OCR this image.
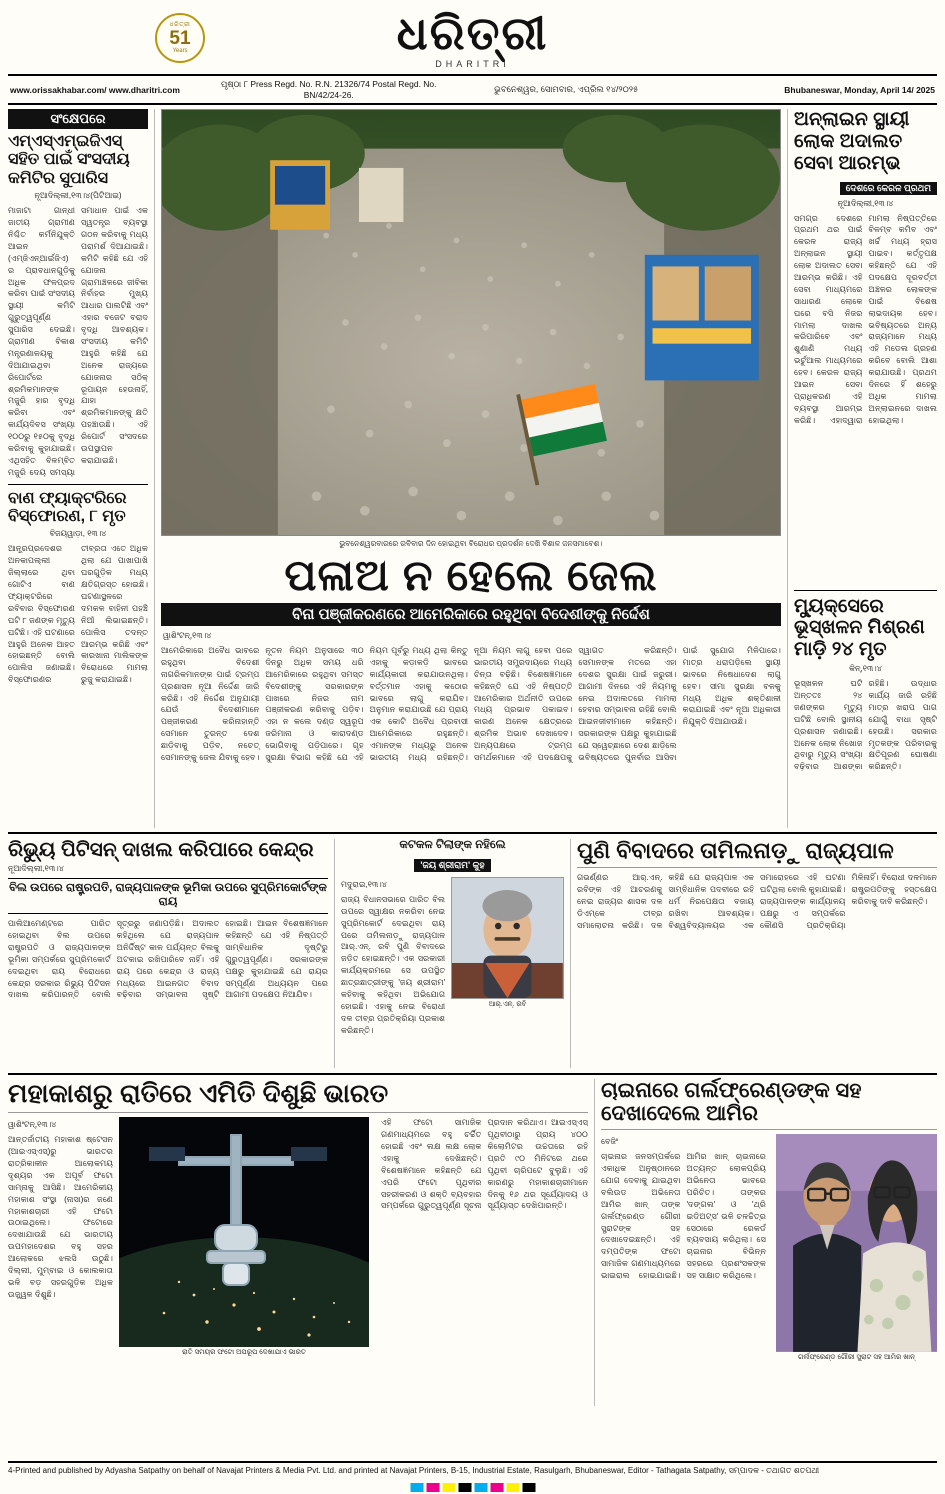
ଧରିତ୍ରୀ
51
Years	ଧରିତ୍ରୀ
DHARITRI
www.orissakhabar.com/ www.dharitri.com
ପୃଷ୍ଠା ୮ Press Regd. No. R.N. 21326/74 Postal Regd. No. BN/42/24-26.
ଭୁବନେଶ୍ୱର, ସୋମବାର, ଏପ୍ରିଲ ୧୪/୨୦୨୫	Bhubaneswar, Monday, April 14/ 2025
ସଂକ୍ଷେପରେ
ଏମ୍ଏସ୍ଏମ୍ଇଜିଏସ୍ ସହିତ ପାଇଁ ସଂସଦୀୟ କମିଟିର ସୁପାରିସ
ନୂଆଦିଲ୍ଲୀ,୧୩।୪(ପିଟିଆଇ)
ମାଜାଟା ଗାନ୍ଧୀ ଜାତୀୟ ଗ୍ରାମୀଣ ନିଶ୍ଚିତ କର୍ମନିଯୁକ୍ତି ଆଇନ (ଏମ୍ଜିଏନ୍ଆର୍ଇଜିଏ) ର ପ୍ରାବଧାନଗୁଡ଼ିକୁ ଅଧିକ ଫଳପ୍ରଦ କରିବା ପାଇଁ ସଂସଦୀୟ ସ୍ଥାୟୀ କମିଟି ଗୁରୁତ୍ୱପୂର୍ଣ୍ଣ ସୁପାରିସ ଦେଇଛି। ଗ୍ରାମୀଣ ବିକାଶ ମନ୍ତ୍ରଣାଳୟକୁ ଦିଆଯାଇଥିବା ରିପୋର୍ଟରେ ଶ୍ରମିକମାନଙ୍କ ମଜୁରି ହାର ବୃଦ୍ଧି କରିବା ଏବଂ କାର୍ଯ୍ୟଦିବସ ସଂଖ୍ୟା ୧୦୦ରୁ ୧୫୦କୁ ବୃଦ୍ଧି କରିବାକୁ କୁହାଯାଇଛି। ଏଥିସହିତ ବିଳମ୍ବିତ ମଜୁରି ଦେୟ ସମସ୍ୟା ସମାଧାନ ପାଇଁ ଏକ ସ୍ୱତନ୍ତ୍ର ବ୍ୟବସ୍ଥା ଗଠନ କରିବାକୁ ମଧ୍ୟ ପରାମର୍ଶ ଦିଆଯାଇଛି। କମିଟି କହିଛି ଯେ ଏହି ଯୋଜନା ଗ୍ରାମାଞ୍ଚଳରେ ଜୀବିକା ନିର୍ବାହର ମୁଖ୍ୟ ଆଧାର ପାଲଟିଛି ଏବଂ ଏହାର ବଜେଟ ବରାଦ ବୃଦ୍ଧି ଆବଶ୍ୟକ। ସଂସଦୀୟ କମିଟି ଆହୁରି କହିଛି ଯେ ଅନେକ ରାଜ୍ୟରେ ଯୋଜନାର ସଠିକ୍ ରୂପାୟନ ହେଉନାହିଁ, ଯାହା ଶ୍ରମିକମାନଙ୍କୁ କ୍ଷତି ପହଞ୍ଚାଉଛି। ଏହି ରିପୋର୍ଟ ସଂସଦରେ ଉପସ୍ଥାପନ କରାଯାଇଛି।
ବାଣ ଫ୍ୟାକ୍ଟରିରେ ବିସ୍ଫୋରଣ, ୮ ମୃତ
ବିଜୟୱାଡ଼ା, ୧୩।୪
ଆନ୍ଧ୍ରପ୍ରଦେଶର ଅନକାପଲ୍ଲୀ ଜିଲ୍ଲାରେ ଥିବା ଗୋଟିଏ ବାଣ ଫ୍ୟାକ୍ଟରିରେ ରବିବାର ବିସ୍ଫୋରଣ ଘଟି ୮ ଜଣଙ୍କ ମୃତ୍ୟୁ ଘଟିଛି। ଏହି ଘଟଣାରେ ଆହୁରି ଅନେକ ଆହତ ହୋଇଛନ୍ତି ବୋଲି ପୋଲିସ ଜଣାଇଛି। ବିସ୍ଫୋରଣର ତୀବ୍ରତା ଏତେ ଅଧିକ ଥିଲା ଯେ ପାଖାପାଖି ଘରଗୁଡ଼ିକ ମଧ୍ୟ କ୍ଷତିଗ୍ରସ୍ତ ହୋଇଛି। ଘଟଣାସ୍ଥଳରେ ଦମକଳ ବାହିନୀ ପହଞ୍ଚି ନିଆଁ ଲିଭାଇଛନ୍ତି। ପୋଲିସ ତଦନ୍ତ ଆରମ୍ଭ କରିଛି ଏବଂ କାରଖାନା ମାଲିକଙ୍କ ବିରୋଧରେ ମାମଲା ରୁଜୁ କରାଯାଇଛି।
ଭୁବନେଶ୍ୱରବାରରେ ରବିବାର ଦିନ ହୋଇଥିବା ବିରୋଧର ପ୍ରଦର୍ଶନ ଦେଖି ବିଶାଳ ଜନସମାବେଶ।
ପଳାଅ ନ ହେଲେ ଜେଲ
ବିନା ପଞ୍ଜୀକରଣରେ ଆମେରିକାରେ ରହୁଥିବା ବିଦେଶୀଙ୍କୁ ନିର୍ଦ୍ଦେଶ
ୱାଶିଂଟନ୍,୧୩।୪
ଆମେରିକାରେ ଅବୈଧ ଭାବରେ ରହୁଥିବା ବିଦେଶୀ ନାଗରିକମାନଙ୍କ ପାଇଁ ଟ୍ରମ୍ପ ପ୍ରଶାସନ ନୂଆ ନିର୍ଦ୍ଦେଶ ଜାରି କରିଛି। ଏହି ନିର୍ଦ୍ଦେଶ ଅନୁଯାୟୀ ଯେଉଁ ବିଦେଶୀମାନେ ପଞ୍ଜୀକରଣ କରିନାହାନ୍ତି ସେମାନେ ତୁରନ୍ତ ଦେଶ ଛାଡ଼ିବାକୁ ପଡ଼ିବ, ନଚେତ୍ ସେମାନଙ୍କୁ ଜେଲ ଯିବାକୁ ହେବ। ନୂତନ ନିୟମ ଅନୁସାରେ ୩୦ ଦିନରୁ ଅଧିକ ସମୟ ଧରି ଆମେରିକାରେ ରହୁଥିବା ସମସ୍ତ ବିଦେଶୀଙ୍କୁ ସରକାରଙ୍କ ପାଖରେ ନିଜର ନାମ ପଞ୍ଜୀକରଣ କରିବାକୁ ପଡ଼ିବ। ଏହା ନ କଲେ ଦଣ୍ଡ ସ୍ୱରୂପ ଜରିମାନା ଓ କାରାଦଣ୍ଡ ଭୋଗିବାକୁ ପଡ଼ିପାରେ। ଗୃହ ସୁରକ୍ଷା ବିଭାଗ କହିଛି ଯେ ଏହି ନିୟମ ପୂର୍ବରୁ ମଧ୍ୟ ଥିଲା କିନ୍ତୁ ଏହାକୁ କଡ଼ାକଡ଼ି ଭାବରେ କାର୍ଯ୍ୟକାରୀ କରାଯାଉନଥିଲା। ବର୍ତ୍ତମାନ ଏହାକୁ କଠୋର ଭାବରେ ଲାଗୁ କରାଯିବ। ଅନୁମାନ କରାଯାଉଛି ଯେ ପ୍ରାୟ ଏକ କୋଟି ଅବୈଧ ପ୍ରବାସୀ ଆମେରିକାରେ ରହୁଛନ୍ତି। ଏମାନଙ୍କ ମଧ୍ୟରୁ ଅନେକ ଭାରତୀୟ ମଧ୍ୟ ରହିଛନ୍ତି। ନୂଆ ନିୟମ ଲାଗୁ ହେବା ପରେ ଭାରତୀୟ ସମ୍ପ୍ରଦାୟରେ ମଧ୍ୟ ଚିନ୍ତା ବଢ଼ିଛି। ବିଶେଷଜ୍ଞମାନେ କହିଛନ୍ତି ଯେ ଏହି ନିଷ୍ପତ୍ତି ଆମେରିକାର ଅର୍ଥନୀତି ଉପରେ ମଧ୍ୟ ପ୍ରଭାବ ପକାଇବ। କାରଣ ଅନେକ କ୍ଷେତ୍ରରେ ଶ୍ରମିକ ଅଭାବ ଦେଖାଦେବ। ଅନ୍ୟପକ୍ଷରେ ଟ୍ରମ୍ପ ସମର୍ଥକମାନେ ଏହି ପଦକ୍ଷେପକୁ ସ୍ୱାଗତ କରିଛନ୍ତି। ସେମାନଙ୍କ ମତରେ ଏହା ଦେଶର ସୁରକ୍ଷା ପାଇଁ ଜରୁରୀ। ଆଗାମୀ ଦିନରେ ଏହି ନିୟମକୁ ନେଇ ଅଦାଲତରେ ମାମଲା ହେବାର ସମ୍ଭାବନା ରହିଛି ବୋଲି ଆଇନଜୀବୀମାନେ କହିଛନ୍ତି। ସରକାରଙ୍କ ପକ୍ଷରୁ କୁହାଯାଇଛି ଯେ ସ୍ୱେଚ୍ଛାରେ ଦେଶ ଛାଡ଼ିଲେ ଭବିଷ୍ୟତରେ ପୁନର୍ବାର ଆସିବା ପାଇଁ ସୁଯୋଗ ମିଳିପାରେ। ମାତ୍ର ଧରାପଡ଼ିଲେ ସ୍ଥାୟୀ ଭାବରେ ନିଷେଧାଦେଶ ଲାଗୁ ହେବ। ସୀମା ସୁରକ୍ଷା ବଳକୁ ମଧ୍ୟ ଅଧିକ ଶକ୍ତିଶାଳୀ କରାଯାଇଛି ଏବଂ ନୂଆ ଅଧିକାରୀ ନିଯୁକ୍ତି ଦିଆଯାଉଛି।
ଅନ୍‌ଲାଇନ ସ୍ଥାୟୀ ଲୋକ ଅଦାଲତ ସେବା ଆରମ୍ଭ
ଦେଶରେ କେରଳ ପ୍ରଥମ
ନୂଆଦିଲ୍ଲୀ,୧୩।୪
ସମଗ୍ର ଦେଶରେ ପ୍ରଥମ ଥର ପାଇଁ କେରଳ ରାଜ୍ୟ ଅନ୍‌ଲାଇନ ସ୍ଥାୟୀ ଲୋକ ଅଦାଲତ ସେବା ଆରମ୍ଭ କରିଛି। ଏହି ସେବା ମାଧ୍ୟମରେ ସାଧାରଣ ଲୋକେ ଘରେ ବସି ନିଜର ମାମଲା ଦାଖଲ କରିପାରିବେ ଏବଂ ଶୁଣାଣି ମଧ୍ୟ ଭର୍ଚୁଆଲ ମାଧ୍ୟମରେ ହେବ। କେରଳ ରାଜ୍ୟ ଆଇନ ସେବା ପ୍ରାଧିକରଣ ଏହି ବ୍ୟବସ୍ଥା ଆରମ୍ଭ କରିଛି। ଏହାଦ୍ୱାରା ମାମଲା ନିଷ୍ପତ୍ତିରେ ବିଳମ୍ବ କମିବ ଏବଂ ଖର୍ଚ୍ଚ ମଧ୍ୟ ହ୍ରାସ ପାଇବ। କର୍ତ୍ତୃପକ୍ଷ କହିଛନ୍ତି ଯେ ଏହି ପଦକ୍ଷେପ ଦୂରବର୍ତ୍ତୀ ଅଞ୍ଚଳର ଲୋକଙ୍କ ପାଇଁ ବିଶେଷ ଲାଭଦାୟକ ହେବ। ଭବିଷ୍ୟତରେ ଅନ୍ୟ ରାଜ୍ୟମାନେ ମଧ୍ୟ ଏହି ମଡେଲ ଗ୍ରହଣ କରିବେ ବୋଲି ଆଶା କରାଯାଉଛି। ପ୍ରଥମ ଦିନରେ ହିଁ ଶହେରୁ ଅଧିକ ମାମଲା ଅନ୍‌ଲାଇନରେ ଦାଖଲ ହୋଇଥିଲା।
ମ୍ୟୁକ୍ସେରେ ଭୂସ୍ଖଳନ ମିଶ୍ରଣ ମାଡ଼ି ୨୪ ମୃତ
କିନ୍‌,୧୩।୪
ଭୂସ୍ଖଳନ ଘଟି ଅନ୍ତତଃ ୨୪ ଜଣଙ୍କର ମୃତ୍ୟୁ ଘଟିଛି ବୋଲି ସ୍ଥାନୀୟ ପ୍ରଶାସନ ଜଣାଇଛି। ଅନେକ ଲୋକ ନିଖୋଜ ଥିବାରୁ ମୃତ୍ୟୁ ସଂଖ୍ୟା ବଢ଼ିବାର ଆଶଙ୍କା ରହିଛି। ଉଦ୍ଧାର କାର୍ଯ୍ୟ ଜାରି ରହିଛି ମାତ୍ର ଖରାପ ପାଗ ଯୋଗୁଁ ବାଧା ସୃଷ୍ଟି ହେଉଛି। ସରକାର ମୃତକଙ୍କ ପରିବାରକୁ କ୍ଷତିପୂରଣ ଘୋଷଣା କରିଛନ୍ତି।
ରିଭ୍ୟୁ ପିଟିସନ୍ ଦାଖଲ କରିପାରେ କେନ୍ଦ୍ର
ନୂଆଦିଲ୍ଲୀ,୧୩।୪
ବିଲ ଉପରେ ରାଷ୍ଟ୍ରପତି, ରାଜ୍ୟପାଳଙ୍କ ଭୂମିକା ଉପରେ ସୁପ୍ରିମକୋର୍ଟଙ୍କ ରାୟ
ପାଲିଆମେଣ୍ଟରେ ପାରିତ ହୋଇଥିବା ବିଲ ଉପରେ ରାଷ୍ଟ୍ରପତି ଓ ରାଜ୍ୟପାଳଙ୍କ ଭୂମିକା ସମ୍ପର୍କରେ ସୁପ୍ରିମକୋର୍ଟ ଦେଇଥିବା ରାୟ ବିରୋଧରେ କେନ୍ଦ୍ର ସରକାର ରିଭ୍ୟୁ ପିଟିସନ ଦାଖଲ କରିପାରନ୍ତି ବୋଲି ସୂତ୍ରରୁ ଜଣାପଡ଼ିଛି। ଅଦାଲତ କହିଥିଲେ ଯେ ରାଜ୍ୟପାଳ ଅନିର୍ଦ୍ଦିଷ୍ଟ କାଳ ପର୍ଯ୍ୟନ୍ତ ବିଲକୁ ଅଟକାଇ ରଖିପାରିବେ ନାହିଁ। ଏହି ରାୟ ପରେ କେନ୍ଦ୍ର ଓ ରାଜ୍ୟ ମଧ୍ୟରେ ଆଇନଗତ ବିବାଦ ବଢ଼ିବାର ସମ୍ଭାବନା ସୃଷ୍ଟି ହୋଇଛି। ଆଇନ ବିଶେଷଜ୍ଞମାନେ କହିଛନ୍ତି ଯେ ଏହି ନିଷ୍ପତ୍ତି ସାମ୍ବିଧାନିକ ଦୃଷ୍ଟିରୁ ଗୁରୁତ୍ୱପୂର୍ଣ୍ଣ। ସରକାରଙ୍କ ପକ୍ଷରୁ କୁହାଯାଇଛି ଯେ ରାୟର ସମ୍ପୂର୍ଣ୍ଣ ଅଧ୍ୟୟନ ପରେ ଆଗାମୀ ପଦକ୍ଷେପ ନିଆଯିବ।
କଟକଳ ଟିଲାଙ୍କ ନହିଲେ
'ଜୟ ଶ୍ରୀରାମ' କୁହ
ମଦୁରାଇ,୧୩।୪
ରାଜ୍ୟ ବିଧାନସଭାରେ ପାରିତ ବିଲ ଉପରେ ସ୍ୱାକ୍ଷର ନକରିବା ନେଇ ସୁପ୍ରିମକୋର୍ଟ ଦେଇଥିବା ରାୟ ପରେ ତାମିଲନାଡ଼ୁ ରାଜ୍ୟପାଳ ଆର୍.ଏନ୍. ରବି ପୁଣି ବିବାଦରେ ଜଡ଼ିତ ହୋଇଛନ୍ତି। ଏକ ସରକାରୀ କାର୍ଯ୍ୟକ୍ରମରେ ସେ ଉପସ୍ଥିତ ଛାତ୍ରଛାତ୍ରୀଙ୍କୁ 'ଜୟ ଶ୍ରୀରାମ' କହିବାକୁ କହିଥିବା ଅଭିଯୋଗ ହୋଇଛି। ଏହାକୁ ନେଇ ବିରୋଧୀ ଦଳ ତୀବ୍ର ପ୍ରତିକ୍ରିୟା ପ୍ରକାଶ କରିଛନ୍ତି।
ଆର୍.ଏନ୍. ରବି
ପୁଣି ବିବାଦରେ ତାମିଲନାଡ଼ୁ ରାଜ୍ୟପାଳ
ଗଭର୍ଣ୍ଣର ଆର୍.ଏନ୍. ରବିଙ୍କ ଏହି ଆଚରଣକୁ ନେଇ ରାଜ୍ୟର ଶାସକ ଦଳ ଡିଏମ୍‌କେ ତୀବ୍ର ସମାଲୋଚନା କରିଛି। ଦଳ କହିଛି ଯେ ରାଜ୍ୟପାଳ ଏକ ସାମ୍ବିଧାନିକ ପଦବୀରେ ରହି ଧର୍ମ ନିରପେକ୍ଷତା ବଜାୟ ରଖିବା ଆବଶ୍ୟକ। ବିଶ୍ୱବିଦ୍ୟାଳୟର ଏକ ସମାରୋହରେ ଏହି ଘଟଣା ଘଟିଥିଲା ବୋଲି କୁହାଯାଇଛି। ରାଜ୍ୟପାଳଙ୍କ କାର୍ଯ୍ୟାଳୟ ପକ୍ଷରୁ ଏ ସମ୍ପର୍କରେ କୌଣସି ପ୍ରତିକ୍ରିୟା ମିଳିନାହିଁ। ବିରୋଧୀ ଦଳମାନେ ରାଷ୍ଟ୍ରପତିଙ୍କୁ ହସ୍ତକ୍ଷେପ କରିବାକୁ ଦାବି କରିଛନ୍ତି।
ମହାକାଶରୁ ରାତିରେ ଏମିତି ଦିଶୁଛି ଭାରତ
ୱାଶିଂଟନ୍,୧୩।୪
ଆନ୍ତର୍ଜାତୀୟ ମହାକାଶ ଷ୍ଟେସନ (ଆଇଏସ୍ଏସ୍)ରୁ ଭାରତର ରାତ୍ରିକାଳୀନ ଆଲୋକମୟ ଦୃଶ୍ୟର ଏକ ଅପୂର୍ବ ଫଟୋ ସାମ୍ନାକୁ ଆସିଛି। ଆମେରିକୀୟ ମହାକାଶ ସଂସ୍ଥା (ନାସା)ର ଜଣେ ମହାକାଶଚାରୀ ଏହି ଫଟୋ ଉଠାଇଥିଲେ। ଫଟୋରେ ଦେଖାଯାଉଛି ଯେ ଭାରତୀୟ ଉପମହାଦେଶର ବହୁ ସହର ଆଲୋକରେ ଝଲସି ଉଠୁଛି। ଦିଲ୍ଲୀ, ମୁମ୍ବାଇ ଓ କୋଲକାତା ଭଳି ବଡ଼ ସହରଗୁଡ଼ିକ ଅଧିକ ଉଜ୍ଜ୍ୱଳ ଦିଶୁଛି।
ରାତି ସମୟର ଫଟୋ ଅପରୂପ ଦେଖାଯାଏ ଭାରତ
ଏହି ଫଟୋ ସାମାଜିକ ଗଣମାଧ୍ୟମରେ ବହୁ ଚର୍ଚ୍ଚିତ ହୋଇଛି ଏବଂ ଲକ୍ଷ ଲକ୍ଷ ଲୋକ ଏହାକୁ ଦେଖିଛନ୍ତି। ବିଶେଷଜ୍ଞମାନେ କହିଛନ୍ତି ଯେ ଏପରି ଫଟୋ ପୃଥିବୀର ସହରୀକରଣ ଓ ଶକ୍ତି ବ୍ୟବହାର ସମ୍ପର୍କରେ ଗୁରୁତ୍ୱପୂର୍ଣ୍ଣ ସୂଚନା ପ୍ରଦାନ କରିଥାଏ। ଆଇଏସ୍ଏସ୍ ପୃଥିବୀଠାରୁ ପ୍ରାୟ ୪୦୦ କିଲୋମିଟର ଉଚ୍ଚତାରେ ରହି ପ୍ରତି ୯୦ ମିନିଟରେ ଥରେ ପୃଥିବୀ ଚାରିପଟେ ବୁଲୁଛି। ଏହି କାରଣରୁ ମହାକାଶଚାରୀମାନେ ଦିନକୁ ୧୬ ଥର ସୂର୍ଯ୍ୟୋଦୟ ଓ ସୂର୍ଯ୍ୟାସ୍ତ ଦେଖିପାରନ୍ତି।
ଚାଇନାରେ ଗର୍ଲଫ୍ରେଣ୍ଡଙ୍କ ସହ ଦେଖାଦେଲେ ଆମିର
ବେଜିଂ
ଚାଇନାର ଜନସମ୍ପର୍କରେ ଏକାଧିକ ଅନୁଷ୍ଠାନରେ ଯୋଗ ଦେବାକୁ ଯାଇଥିବା ବଲିଉଡ ଅଭିନେତା ଆମିର ଖାନ୍ ତାଙ୍କ ଗର୍ଲଫ୍ରେଣ୍ଡ ଗୌରୀ ସ୍ପ୍ରାଟଙ୍କ ସହ ଦେଖାଦେଇଛନ୍ତି। ଏହି ଦମ୍ପତିଙ୍କ ଫଟୋ ସାମାଜିକ ଗଣମାଧ୍ୟମରେ ଭାଇରାଲ ହୋଇଯାଇଛି। ଆମିର ଖାନ୍ ଚାଇନାରେ ଅତ୍ୟନ୍ତ ଲୋକପ୍ରିୟ ଅଭିନେତା ଭାବରେ ପରିଚିତ। ତାଙ୍କର 'ଦଙ୍ଗଲ' ଓ 'ଥ୍ରି ଇଡିଅଟ୍ସ' ଭଳି ଚଳଚ୍ଚିତ୍ର ସେଠାରେ ରେକର୍ଡ ବ୍ୟବସାୟ କରିଥିଲା। ସେ ଚାଇନାର ବିଭିନ୍ନ ସହରରେ ପ୍ରଶଂସକଙ୍କ ସହ ସାକ୍ଷାତ କରିଥିଲେ।
ଗର୍ଲଫ୍ରେଣ୍ଡ ଗୌରୀ ସ୍ପ୍ରାଟ ସହ ଆମିର ଖାନ୍
4-Printed and published by Adyasha Satpathy on behalf of Navajat Printers & Media Pvt. Ltd. and printed at Navajat Printers, B-15, Industrial Estate, Rasulgarh, Bhubaneswar, Editor - Tathagata Satpathy, ସମ୍ପାଦକ - ତଥାଗତ ଶତପଥୀ
